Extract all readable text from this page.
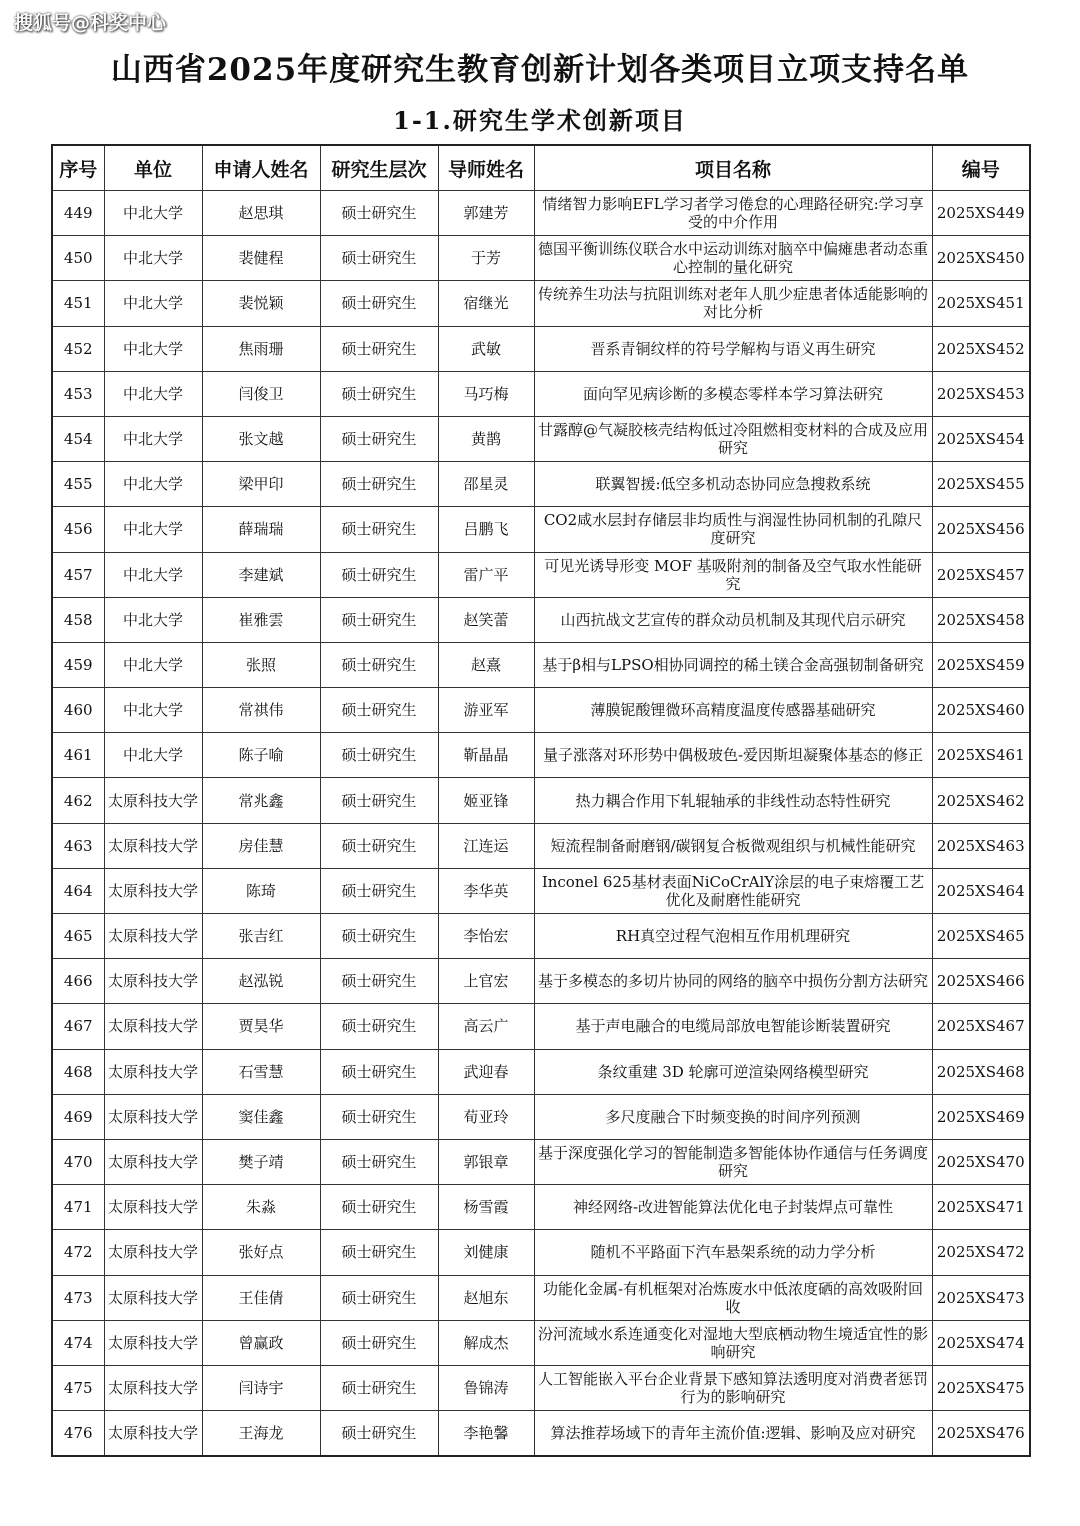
搜狐号@科奖中心
山西省2025年度研究生教育创新计划各类项目立项支持名单
1-1.研究生学术创新项目
序号	单位	申请人姓名	研究生层次	导师姓名	项目名称	编号
449	中北大学	赵思琪	硕士研究生	郭建芳	情绪智力影响EFL学习者学习倦怠的心理路径研究:学习享受的中介作用	2025XS449
450	中北大学	裴健程	硕士研究生	于芳	德国平衡训练仪联合水中运动训练对脑卒中偏瘫患者动态重心控制的量化研究	2025XS450
451	中北大学	裴悦颖	硕士研究生	宿继光	传统养生功法与抗阻训练对老年人肌少症患者体适能影响的对比分析	2025XS451
452	中北大学	焦雨珊	硕士研究生	武敏	晋系青铜纹样的符号学解构与语义再生研究	2025XS452
453	中北大学	闫俊卫	硕士研究生	马巧梅	面向罕见病诊断的多模态零样本学习算法研究	2025XS453
454	中北大学	张文越	硕士研究生	黄鹊	甘露醇@气凝胶核壳结构低过冷阻燃相变材料的合成及应用研究	2025XS454
455	中北大学	梁甲印	硕士研究生	邵星灵	联翼智援:低空多机动态协同应急搜救系统	2025XS455
456	中北大学	薛瑞瑞	硕士研究生	吕鹏飞	CO2咸水层封存储层非均质性与润湿性协同机制的孔隙尺度研究	2025XS456
457	中北大学	李建斌	硕士研究生	雷广平	可见光诱导形变 MOF 基吸附剂的制备及空气取水性能研究	2025XS457
458	中北大学	崔雅雲	硕士研究生	赵笑蕾	山西抗战文艺宣传的群众动员机制及其现代启示研究	2025XS458
459	中北大学	张照	硕士研究生	赵熹	基于β相与LPSO相协同调控的稀土镁合金高强韧制备研究	2025XS459
460	中北大学	常祺伟	硕士研究生	游亚军	薄膜铌酸锂微环高精度温度传感器基础研究	2025XS460
461	中北大学	陈子喻	硕士研究生	靳晶晶	量子涨落对环形势中偶极玻色-爱因斯坦凝聚体基态的修正	2025XS461
462	太原科技大学	常兆鑫	硕士研究生	姬亚锋	热力耦合作用下轧辊轴承的非线性动态特性研究	2025XS462
463	太原科技大学	房佳慧	硕士研究生	江连运	短流程制备耐磨钢/碳钢复合板微观组织与机械性能研究	2025XS463
464	太原科技大学	陈琦	硕士研究生	李华英	Inconel 625基材表面NiCoCrAlY涂层的电子束熔覆工艺优化及耐磨性能研究	2025XS464
465	太原科技大学	张吉红	硕士研究生	李怡宏	RH真空过程气泡相互作用机理研究	2025XS465
466	太原科技大学	赵泓锐	硕士研究生	上官宏	基于多模态的多切片协同的网络的脑卒中损伤分割方法研究	2025XS466
467	太原科技大学	贾昊华	硕士研究生	高云广	基于声电融合的电缆局部放电智能诊断装置研究	2025XS467
468	太原科技大学	石雪慧	硕士研究生	武迎春	条纹重建 3D 轮廓可逆渲染网络模型研究	2025XS468
469	太原科技大学	窦佳鑫	硕士研究生	荀亚玲	多尺度融合下时频变换的时间序列预测	2025XS469
470	太原科技大学	樊子靖	硕士研究生	郭银章	基于深度强化学习的智能制造多智能体协作通信与任务调度研究	2025XS470
471	太原科技大学	朱淼	硕士研究生	杨雪霞	神经网络-改进智能算法优化电子封装焊点可靠性	2025XS471
472	太原科技大学	张好点	硕士研究生	刘健康	随机不平路面下汽车悬架系统的动力学分析	2025XS472
473	太原科技大学	王佳倩	硕士研究生	赵旭东	功能化金属-有机框架对冶炼废水中低浓度硒的高效吸附回收	2025XS473
474	太原科技大学	曾赢政	硕士研究生	解成杰	汾河流域水系连通变化对湿地大型底栖动物生境适宜性的影响研究	2025XS474
475	太原科技大学	闫诗宇	硕士研究生	鲁锦涛	人工智能嵌入平台企业背景下感知算法透明度对消费者惩罚行为的影响研究	2025XS475
476	太原科技大学	王海龙	硕士研究生	李艳馨	算法推荐场域下的青年主流价值:逻辑、影响及应对研究	2025XS476
